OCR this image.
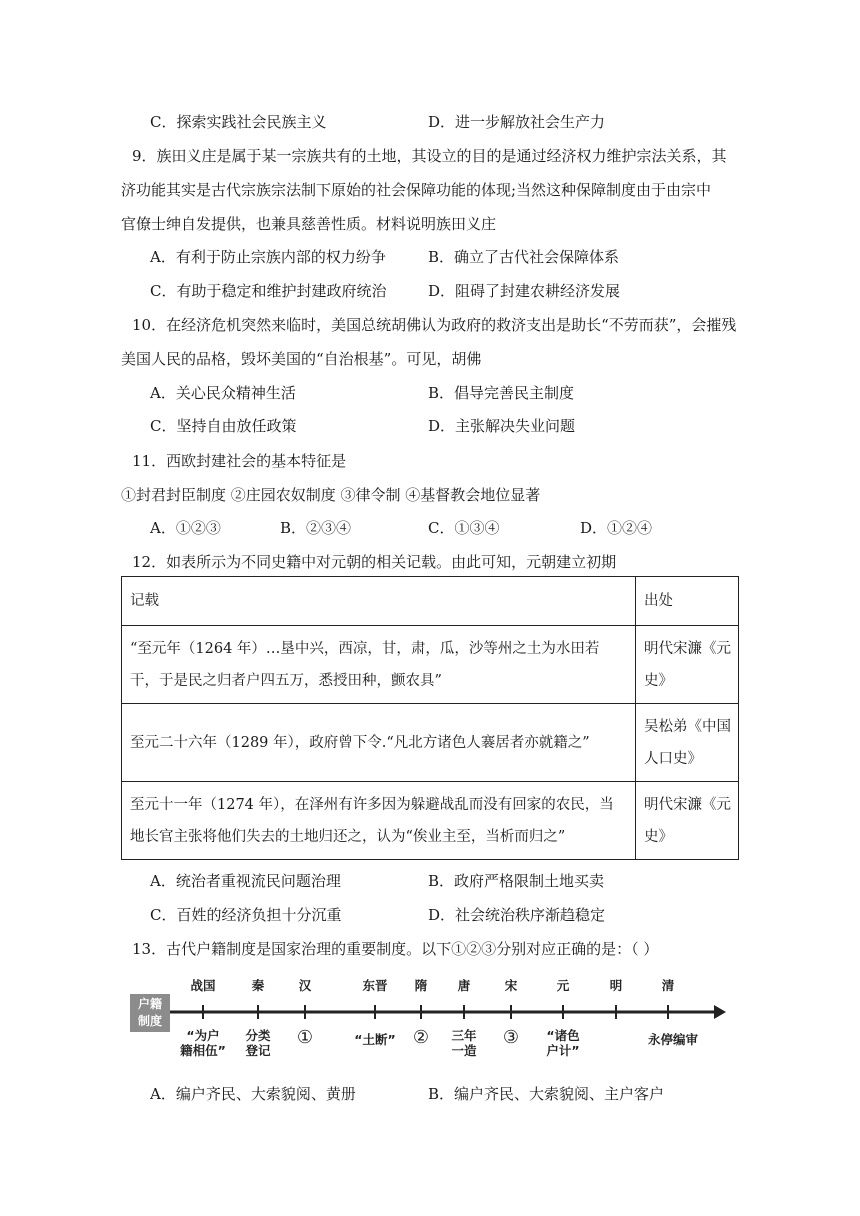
C．探索实践社会民族主义	D．进一步解放社会生产力
9．族田义庄是属于某一宗族共有的土地，其设立的目的是通过经济权力维护宗法关系，其
济功能其实是古代宗族宗法制下原始的社会保障功能的体现;当然这种保障制度由于由宗中
官僚士绅自发提供，也兼具慈善性质。材料说明族田义庄
A．有利于防止宗族内部的权力纷争	B．确立了古代社会保障体系
C．有助于稳定和维护封建政府统治	D．阻碍了封建农耕经济发展
10．在经济危机突然来临时，美国总统胡佛认为政府的救济支出是助长“不劳而获”，会摧残
美国人民的品格，毁坏美国的“自治根基”。可见，胡佛
A．关心民众精神生活	B．倡导完善民主制度
C．坚持自由放任政策	D．主张解决失业问题
11．西欧封建社会的基本特征是
①封君封臣制度 ②庄园农奴制度 ③律令制 ④基督教会地位显著
A．①②③	B．②③④	C．①③④	D．①②④
12．如表所示为不同史籍中对元朝的相关记载。由此可知，元朝建立初期
记载	出处
“至元年（1264 年）…垦中兴，西凉，甘，肃，瓜，沙等州之土为水田若干，于是民之归者户四五万，悉授田种，颤农具”	明代宋濂《元史》
至元二十六年（1289 年），政府曾下令.“凡北方诸色人褰居者亦就籍之”	吴松弟《中国人口史》
至元十一年（1274 年），在泽州有许多因为躲避战乱而没有回家的农民，当地长官主张将他们失去的土地归还之，认为“俟业主至，当析而归之”	明代宋濂《元史》
A．统治者重视流民问题治理	B．政府严格限制土地买卖
C．百姓的经济负担十分沉重	D．社会统治秩序渐趋稳定
13．古代户籍制度是国家治理的重要制度。以下①②③分别对应正确的是：（ ）
户籍
制度
战国	秦	汉	东晋	隋	唐	宋	元	明	清
“为户
籍相伍”
分类
登记
①	“土断” ②	三年
一造
③	“诸色
户计”
永停编审
A．编户齐民、大索貌阅、黄册	B．编户齐民、大索貌阅、主户客户
